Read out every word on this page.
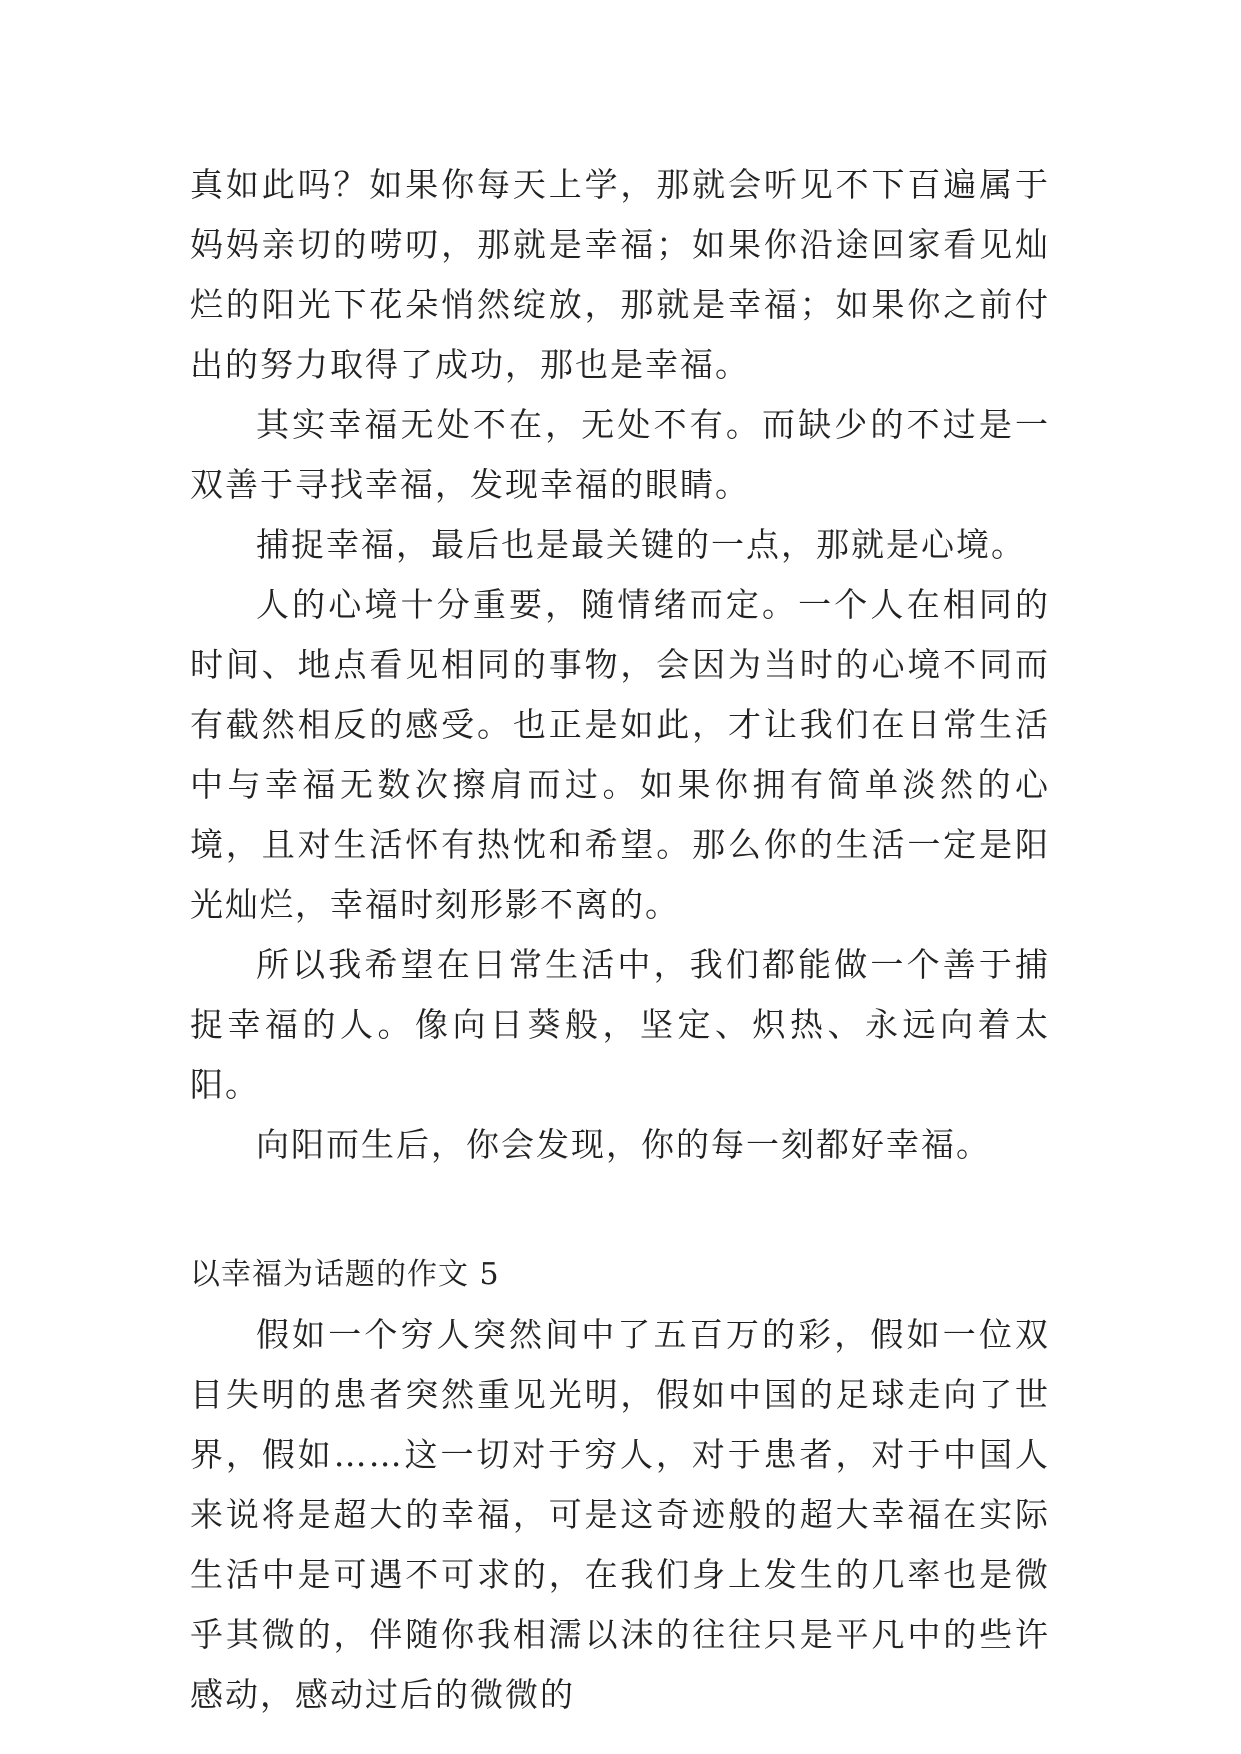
真如此吗？如果你每天上学，那就会听见不下百遍属于妈妈亲切的唠叨，那就是幸福；如果你沿途回家看见灿烂的阳光下花朵悄然绽放，那就是幸福；如果你之前付出的努力取得了成功，那也是幸福。

其实幸福无处不在，无处不有。而缺少的不过是一双善于寻找幸福，发现幸福的眼睛。

捕捉幸福，最后也是最关键的一点，那就是心境。

人的心境十分重要，随情绪而定。一个人在相同的时间、地点看见相同的事物，会因为当时的心境不同而有截然相反的感受。也正是如此，才让我们在日常生活中与幸福无数次擦肩而过。如果你拥有简单淡然的心境，且对生活怀有热忱和希望。那么你的生活一定是阳光灿烂，幸福时刻形影不离的。

所以我希望在日常生活中，我们都能做一个善于捕捉幸福的人。像向日葵般，坚定、炽热、永远向着太阳。

向阳而生后，你会发现，你的每一刻都好幸福。

以幸福为话题的作文 5

假如一个穷人突然间中了五百万的彩，假如一位双目失明的患者突然重见光明，假如中国的足球走向了世界，假如……这一切对于穷人，对于患者，对于中国人来说将是超大的幸福，可是这奇迹般的超大幸福在实际生活中是可遇不可求的，在我们身上发生的几率也是微乎其微的，伴随你我相濡以沫的往往只是平凡中的些许感动，感动过后的微微的
